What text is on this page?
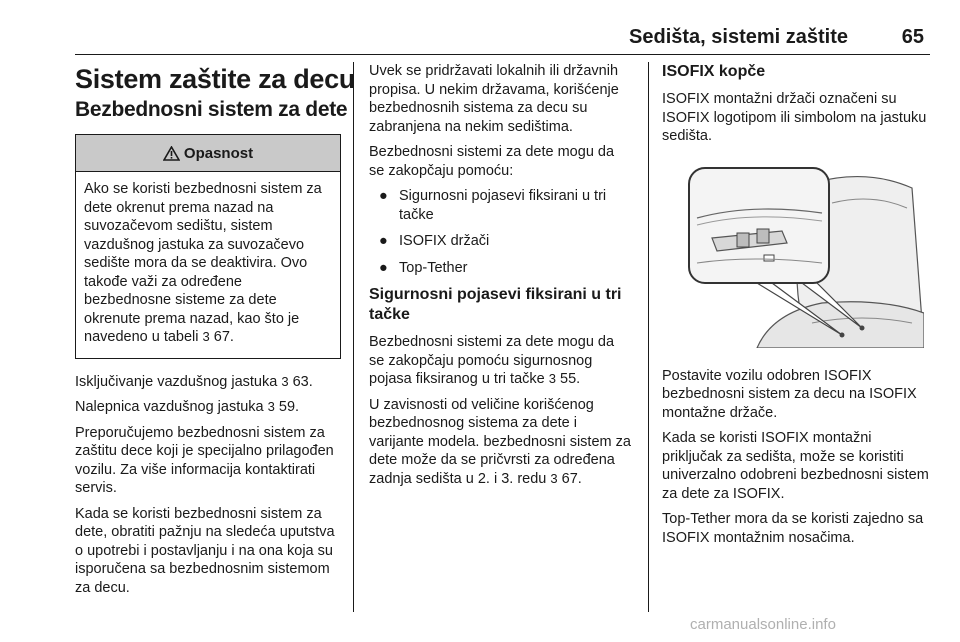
Sedišta, sistemi zaštite	65
Sistem zaštite za decu
Bezbednosni sistem za dete
Opasnost

Ako se koristi bezbednosni sistem za dete okrenut prema nazad na suvozačevom sedištu, sistem vazdušnog jastuka za suvozačevo sedište mora da se deaktivira. Ovo takođe važi za određene bezbednosne sisteme za dete okrenute prema nazad, kao što je navedeno u tabeli 3 67.

Isključivanje vazdušnog jastuka 3 63.

Nalepnica vazdušnog jastuka 3 59.

Preporučujemo bezbednosni sistem za zaštitu dece koji je specijalno prilagođen vozilu. Za više informacija kontaktirati servis.

Kada se koristi bezbednosni sistem za dete, obratiti pažnju na sledeća uputstva o upotrebi i postavljanju i na ona koja su isporučena sa bezbednosnim sistemom za decu.

Uvek se pridržavati lokalnih ili državnih propisa. U nekim državama, korišćenje bezbednosnih sistema za decu su zabranjena na nekim sedištima.

Bezbednosni sistemi za dete mogu da se zakopčaju pomoću:

● Sigurnosni pojasevi fiksirani u tri tačke
● ISOFIX držači
● Top-Tether
Sigurnosni pojasevi fiksirani u tri tačke

Bezbednosni sistemi za dete mogu da se zakopčaju pomoću sigurnosnog pojasa fiksiranog u tri tačke 3 55.

U zavisnosti od veličine korišćenog bezbednosnog sistema za dete i varijante modela. bezbednosni sistem za dete može da se pričvrsti za određena zadnja sedišta u 2. i 3. redu 3 67.

ISOFIX kopče

ISOFIX montažni držači označeni su ISOFIX logotipom ili simbolom na jastuku sedišta.

Postavite vozilu odobren ISOFIX bezbednosni sistem za decu na ISOFIX montažne držače.

Kada se koristi ISOFIX montažni priključak za sedišta, može se koristiti univerzalno odobreni bezbednosni sistem za dete za ISOFIX.

Top-Tether mora da se koristi zajedno sa ISOFIX montažnim nosačima.

carmanualsonline.info
